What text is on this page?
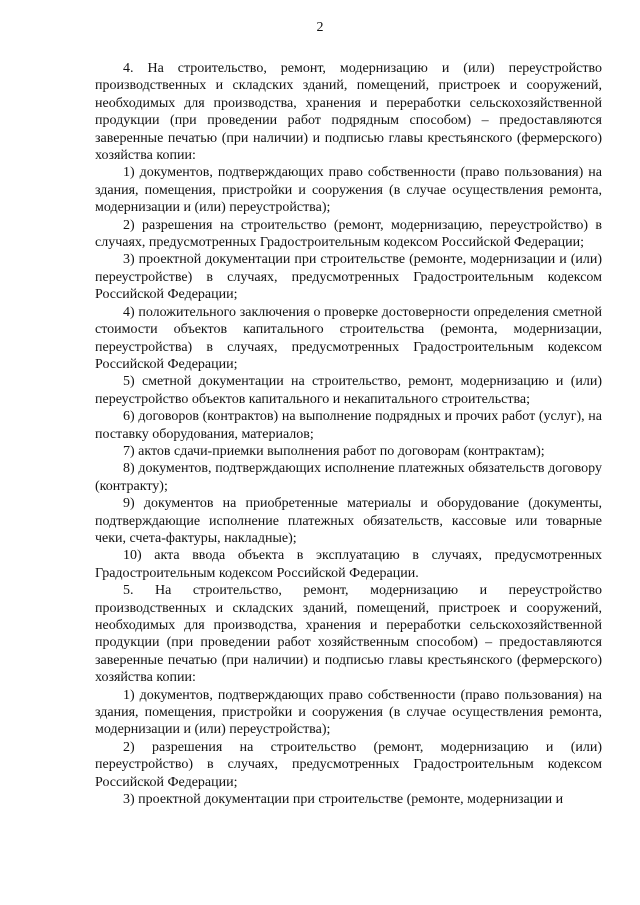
2

4. На строительство, ремонт, модернизацию и (или) переустройство производственных и складских зданий, помещений, пристроек и сооружений, необходимых для производства, хранения и переработки сельскохозяйственной продукции (при проведении работ подрядным способом) – предоставляются заверенные печатью (при наличии) и подписью главы крестьянского (фермерского) хозяйства копии:

1) документов, подтверждающих право собственности (право пользования) на здания, помещения, пристройки и сооружения (в случае осуществления ремонта, модернизации и (или) переустройства);

2) разрешения на строительство (ремонт, модернизацию, переустройство) в случаях, предусмотренных Градостроительным кодексом Российской Федерации;

3) проектной документации при строительстве (ремонте, модернизации и (или) переустройстве) в случаях, предусмотренных Градостроительным кодексом Российской Федерации;

4) положительного заключения о проверке достоверности определения сметной стоимости объектов капитального строительства (ремонта, модернизации, переустройства) в случаях, предусмотренных Градостроительным кодексом Российской Федерации;

5) сметной документации на строительство, ремонт, модернизацию и (или) переустройство объектов капитального и некапитального строительства;

6) договоров (контрактов) на выполнение подрядных и прочих работ (услуг), на поставку оборудования, материалов;

7) актов сдачи-приемки выполнения работ по договорам (контрактам);

8) документов, подтверждающих исполнение платежных обязательств договору (контракту);

9) документов на приобретенные материалы и оборудование (документы, подтверждающие исполнение платежных обязательств, кассовые или товарные чеки, счета-фактуры, накладные);

10) акта ввода объекта в эксплуатацию в случаях, предусмотренных Градостроительным кодексом Российской Федерации.

5. На строительство, ремонт, модернизацию и переустройство производственных и складских зданий, помещений, пристроек и сооружений, необходимых для производства, хранения и переработки сельскохозяйственной продукции (при проведении работ хозяйственным способом) – предоставляются заверенные печатью (при наличии) и подписью главы крестьянского (фермерского) хозяйства копии:

1) документов, подтверждающих право собственности (право пользования) на здания, помещения, пристройки и сооружения (в случае осуществления ремонта, модернизации и (или) переустройства);

2) разрешения на строительство (ремонт, модернизацию и (или) переустройство) в случаях, предусмотренных Градостроительным кодексом Российской Федерации;

3) проектной документации при строительстве (ремонте, модернизации и
